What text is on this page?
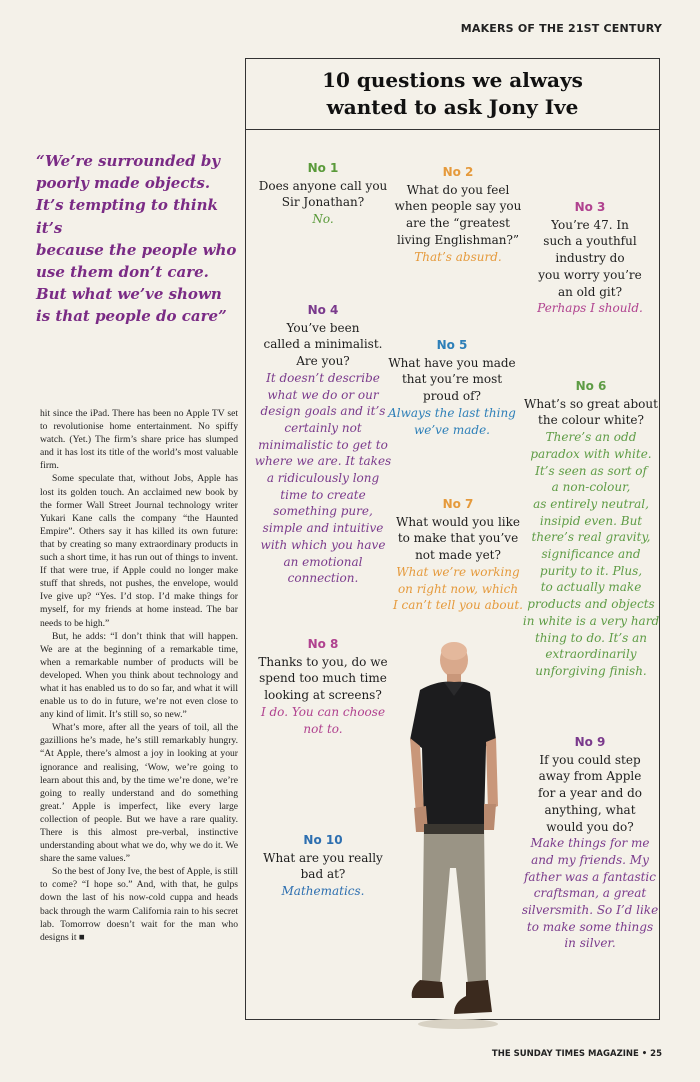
MAKERS OF THE 21ST CENTURY
10 questions we always
wanted to ask Jony Ive
“We’re surrounded by
poorly made objects.
It’s tempting to think it’s
because the people who
use them don’t care.
But what we’ve shown
is that people do care”

hit since the iPad. There has been no Apple TV set to revolutionise home entertainment. No spiffy watch. (Yet.) The firm’s share price has slumped and it has lost its title of the world’s most valuable firm.

Some speculate that, without Jobs, Apple has lost its golden touch. An acclaimed new book by the former Wall Street Journal technology writer Yukari Kane calls the company “the Haunted Empire”. Others say it has killed its own future: that by creating so many extraordinary products in such a short time, it has run out of things to invent. If that were true, if Apple could no longer make stuff that shreds, not pushes, the envelope, would Ive give up? “Yes. I’d stop. I’d make things for myself, for my friends at home instead. The bar needs to be high.”

But, he adds: “I don’t think that will happen. We are at the beginning of a remarkable time, when a remarkable number of products will be developed. When you think about technology and what it has enabled us to do so far, and what it will enable us to do in future, we’re not even close to any kind of limit. It’s still so, so new.”

What’s more, after all the years of toil, all the gazillions he’s made, he’s still remarkably hungry. “At Apple, there’s almost a joy in looking at your ignorance and realising, ‘Wow, we’re going to learn about this and, by the time we’re done, we’re going to really understand and do something great.’ Apple is imperfect, like every large collection of people. But we have a rare quality. There is this almost pre-verbal, instinctive understanding about what we do, why we do it. We share the same values.”

So the best of Jony Ive, the best of Apple, is still to come? “I hope so.” And, with that, he gulps down the last of his now-cold cuppa and heads back through the warm California rain to his secret lab. Tomorrow doesn’t wait for the man who designs it ■

No 1
Does anyone call you
Sir Jonathan?
No.
No 2
What do you feel
when people say you
are the “greatest
living Englishman?”
That’s absurd.
No 3
You’re 47. In
such a youthful
industry do
you worry you’re
an old git?
Perhaps I should.
No 4
You’ve been
called a minimalist.
Are you?
It doesn’t describe
what we do or our
design goals and it’s
certainly not
minimalistic to get to
where we are. It takes
a ridiculously long
time to create
something pure,
simple and intuitive
with which you have
an emotional
connection.
No 5
What have you made
that you’re most
proud of?
Always the last thing
we’ve made.
No 6
What’s so great about
the colour white?
There’s an odd
paradox with white.
It’s seen as sort of
a non-colour,
as entirely neutral,
insipid even. But
there’s real gravity,
significance and
purity to it. Plus,
to actually make
products and objects
in white is a very hard
thing to do. It’s an
extraordinarily
unforgiving finish.
No 7
What would you like
to make that you’ve
not made yet?
What we’re working
on right now, which
I can’t tell you about.
No 8
Thanks to you, do we
spend too much time
looking at screens?
I do. You can choose
not to.
No 9
If you could step
away from Apple
for a year and do
anything, what
would you do?
Make things for me
and my friends. My
father was a fantastic
craftsman, a great
silversmith. So I’d like
to make some things
in silver.
No 10
What are you really
bad at?
Mathematics.
THE SUNDAY TIMES MAGAZINE • 25
